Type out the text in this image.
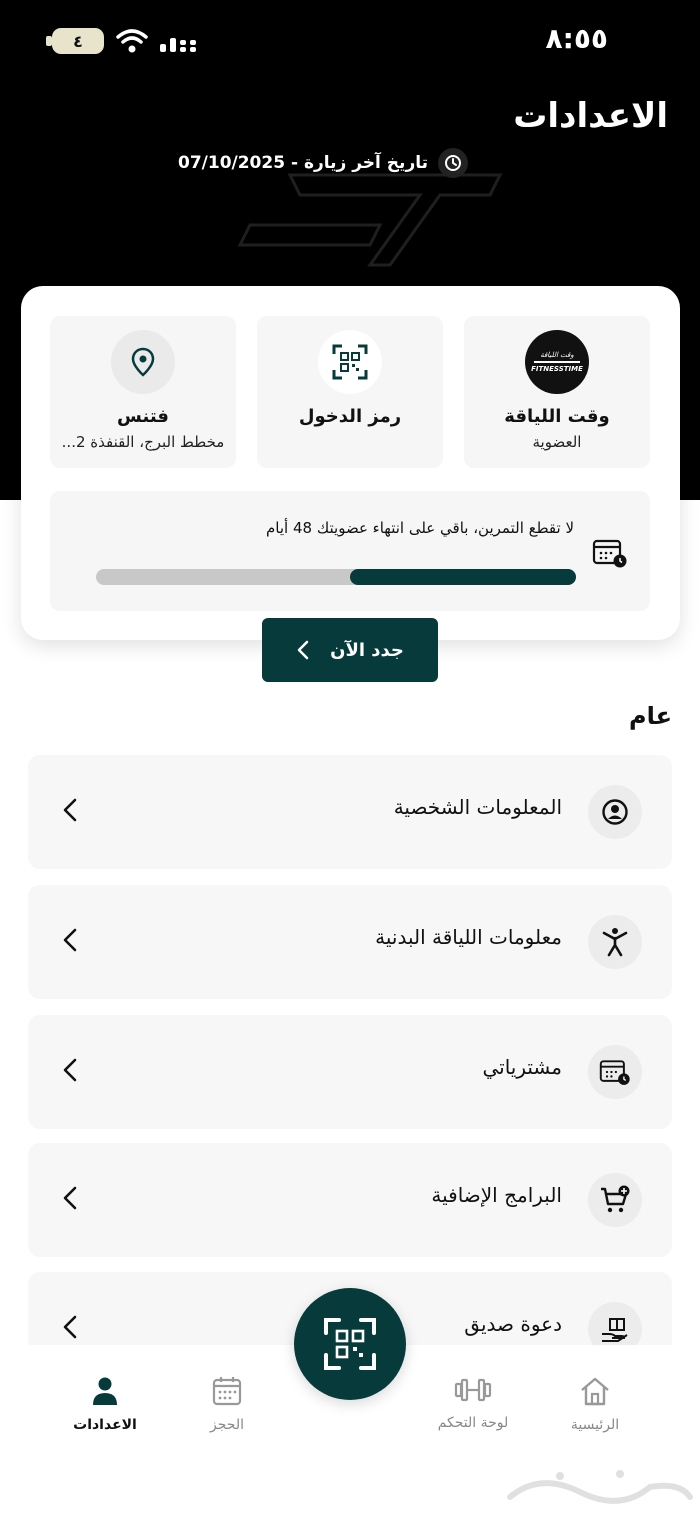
٨:٥٥
٤
الاعدادات
تاريخ آخر زيارة - 07/10/2025
وقت اللياقة
FITNESSTIME
وقت اللياقة
العضوية
رمز الدخول
فتنس
مخطط البرج، القنفذة 2...
لا تقطع التمرين، باقي على انتهاء عضويتك 48 أيام
جدد الآن
عام
المعلومات الشخصية
معلومات اللياقة البدنية
مشترياتي
البرامج الإضافية
دعوة صديق
الرئيسية
لوحة التحكم
الحجز
الاعدادات
